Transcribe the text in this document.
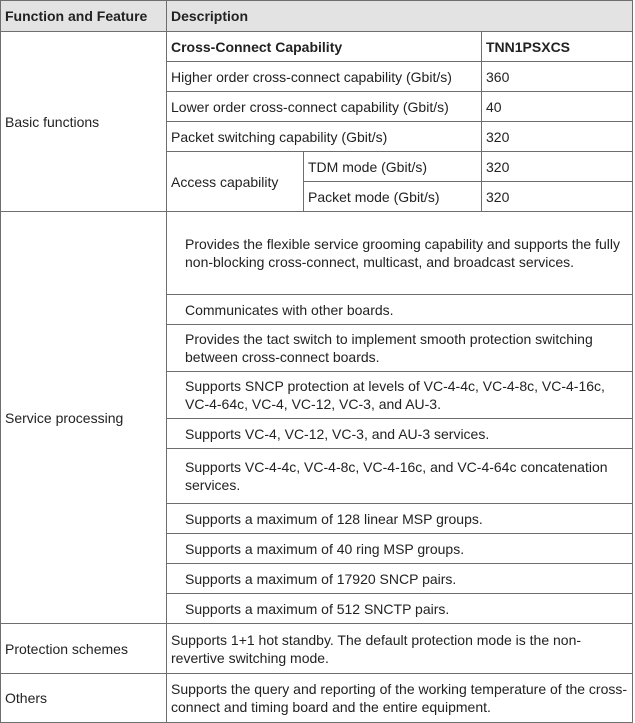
Function and Feature	Description		
Basic functions	Cross-Connect Capability		TNN1PSXCS
	Higher order cross-connect capability (Gbit/s)		360
	Lower order cross-connect capability (Gbit/s)		40
	Packet switching capability (Gbit/s)		320
	Access capability	TDM mode (Gbit/s)	320
		Packet mode (Gbit/s)	320
Service processing	Provides the flexible service grooming capability and supports the fully non-blocking cross-connect, multicast, and broadcast services.		
	Communicates with other boards.		
	Provides the tact switch to implement smooth protection switching between cross-connect boards.		
	Supports SNCP protection at levels of VC-4-4c, VC-4-8c, VC-4-16c, VC-4-64c, VC-4, VC-12, VC-3, and AU-3.		
	Supports VC-4, VC-12, VC-3, and AU-3 services.		
	Supports VC-4-4c, VC-4-8c, VC-4-16c, and VC-4-64c concatenation services.		
	Supports a maximum of 128 linear MSP groups.		
	Supports a maximum of 40 ring MSP groups.		
	Supports a maximum of 17920 SNCP pairs.		
	Supports a maximum of 512 SNCTP pairs.		
Protection schemes	Supports 1+1 hot standby. The default protection mode is the non-revertive switching mode.		
Others	Supports the query and reporting of the working temperature of the cross-connect and timing board and the entire equipment.		
